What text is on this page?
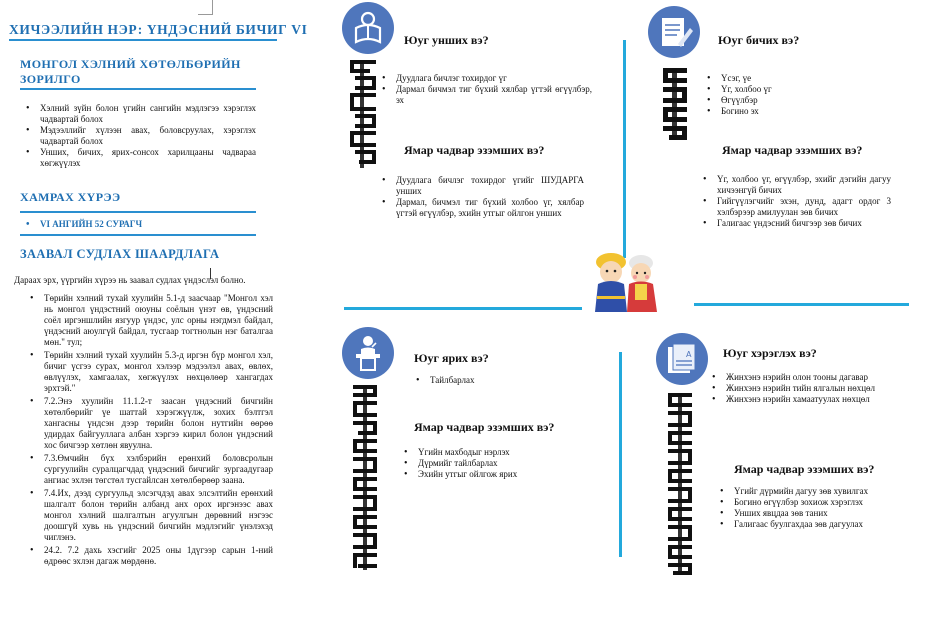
ХИЧЭЭЛИЙН НЭР: ҮНДЭСНИЙ БИЧИГ VI
МОНГОЛ ХЭЛНИЙ ХӨТӨЛБӨРИЙН
ЗОРИЛГО
• Хэлний зүйн болон үгийн сангийн мэдлэгээ хэрэглэх чадвартай болох
• Мэдээллийг хүлээн авах, боловсруулах, хэрэглэх чадвартай болох
• Унших, бичих, ярих-сонсох харилцааны чадвараа хөгжүүлэх
ХАМРАХ ХҮРЭЭ
• VI АНГИЙН 52 СУРАГЧ
ЗААВАЛ СУДЛАХ ШААРДЛАГА
Дараах эрх, үүргийн хүрээ нь заавал судлах үндэслэл болно.
• Төрийн хэлний тухай хуулийн 5.1-д заасчаар "Монгол хэл нь монгол үндэстний оюуны соёлын үнэт өв, үндэсний соёл иргэншлийн язгуур үндэс, улс орны нэгдмэл байдал, үндэсний аюулгүй байдал, тусгаар тогтнолын нэг баталгаа мөн." тул;
• Төрийн хэлний тухай хуулийн 5.3-д иргэн бүр монгол хэл, бичиг үсгээ сурах, монгол хэлээр мэдээлэл авах, өвлөх, өвлүүлэх, хамгаалах, хөгжүүлэх нөхцөлөөр хангагдах эрхтэй."
• 7.2.Энэ хуулийн 11.1.2-т заасан үндэсний бичгийн хөтөлбөрийг үе шаттай хэрэгжүүлж, зохих бэлтгэл хангасны үндсэн дээр төрийн болон нутгийн өөрөө удирдах байгууллага албан хэргээ кирил болон үндэсний хос бичгээр хөтлөн явуулна.
• 7.3.Өмчийн бүх хэлбэрийн ерөнхий боловсролын сургуулийн суралцагчдад үндэсний бичгийг зургаадугаар ангиас эхлэн төгстөл тусгайлсан хөтөлбөрөөр заана.
• 7.4.Их, дээд сургуульд элсэгчдэд авах элсэлтийн ерөнхий шалгалт болон төрийн албанд анх орох иргэнээс авах монгол хэлний шалгалтын агуулгын дөрөвний нэгээс доошгүй хувь нь үндэсний бичгийн мэдлэгийг үнэлэхэд чиглэнэ.
• 24.2. 7.2 дахь хэсгийг 2025 оны 1дүгээр сарын 1-ний өдрөөс эхлэн дагаж мөрдөнө.
Юуг унших вэ?
• Дуудлага бичлэг тохирдог үг
• Дармал бичмэл тиг бүхий хялбар үгтэй өгүүлбэр, эх
Ямар чадвар эзэмших вэ?
• Дуудлага бичлэг тохирдог үгийг ШУДАРГА унших
• Дармал, бичмэл тиг бүхий холбоо үг, хялбар үгтэй өгүүлбэр, эхийн утгыг ойлгон унших
Юуг бичих вэ?
• Үсэг, үе
• Үг, холбоо үг
• Өгүүлбэр
• Богино эх
Ямар чадвар эзэмших вэ?
• Үг, холбоо үг, өгүүлбэр, эхийг дэгийн дагуу хичээнгүй бичих
• Гийгүүлэгчийг эхэн, дунд, адагт ордог 3 хэлбэрээр амилуулан зөв бичих
• Галигаас үндэсний бичгээр зөв бичих
Юуг ярих вэ?
• Тайлбарлах
Ямар чадвар эзэмших вэ?
• Үгийн махбодыг нэрлэх
• Дүрмийг тайлбарлах
• Эхийн утгыг ойлгож ярих
A	Юуг хэрэглэх вэ?
• Жинхэнэ нэрийн олон тооны дагавар
• Жинхэнэ нэрийн тийн ялгалын нөхцөл
• Жинхэнэ нэрийн хамаатуулах нөхцөл
Ямар чадвар эзэмших вэ?
• Үгийг дүрмийн дагуу зөв хувилгах
• Богино өгүүлбэр зохиож хэрэглэх
• Унших явцдаа зөв таних
• Галигаас буулгахдаа зөв дагуулах
